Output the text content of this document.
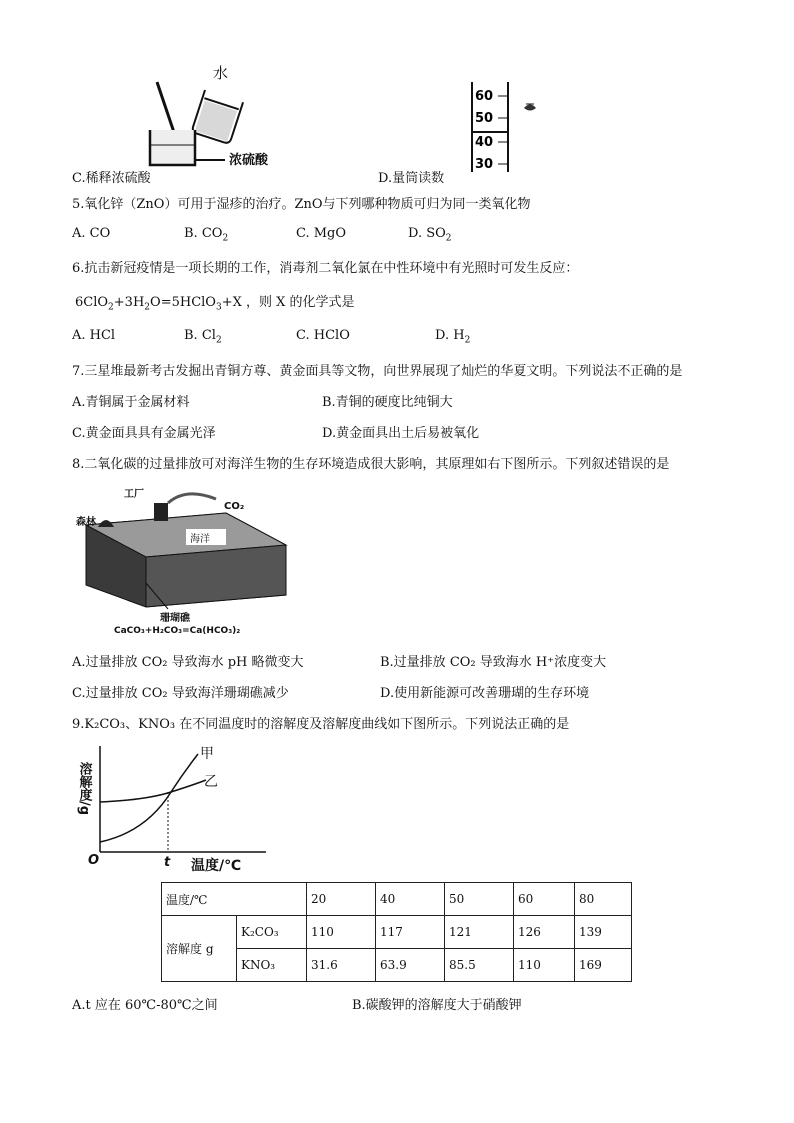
水
浓硫酸
60
50
40
30
C.稀释浓硫酸	D.量筒读数
5.氧化锌（ZnO）可用于湿疹的治疗。ZnO与下列哪种物质可归为同一类氧化物
A. CO	B. $CO_2$	C. MgO	D. $SO_2$
6.抗击新冠疫情是一项长期的工作，消毒剂二氧化氯在中性环境中有光照时可发生反应：
$6ClO_2+3H_2O=5HClO_3+X$ ，则 X 的化学式是
A. HCl	B. $Cl_2$	C. HClO	D. $H_2$
7.三星堆最新考古发掘出青铜方尊、黄金面具等文物，向世界展现了灿烂的华夏文明。下列说法不正确的是
A.青铜属于金属材料	B.青铜的硬度比纯铜大
C.黄金面具具有金属光泽	D.黄金面具出土后易被氧化
8.二氧化碳的过量排放可对海洋生物的生存环境造成很大影响，其原理如右下图所示。下列叙述错误的是
海洋
工厂
CO₂
森林
珊瑚礁
CaCO₃+H₂CO₃=Ca(HCO₃)₂
A.过量排放 CO₂ 导致海水 pH 略微变大	B.过量排放 CO₂ 导致海水 H⁺浓度变大
C.过量排放 CO₂ 导致海洋珊瑚礁减少	D.使用新能源可改善珊瑚的生存环境
9.K₂CO₃、KNO₃ 在不同温度时的溶解度及溶解度曲线如下图所示。下列说法正确的是
溶解度/g
O	t
甲
乙
温度/℃
温度/℃		20	40	50	60	80
溶解度 g	K₂CO₃	110	117	121	126	139
	KNO₃	31.6	63.9	85.5	110	169
A.t 应在 60℃-80℃之间	B.碳酸钾的溶解度大于硝酸钾
